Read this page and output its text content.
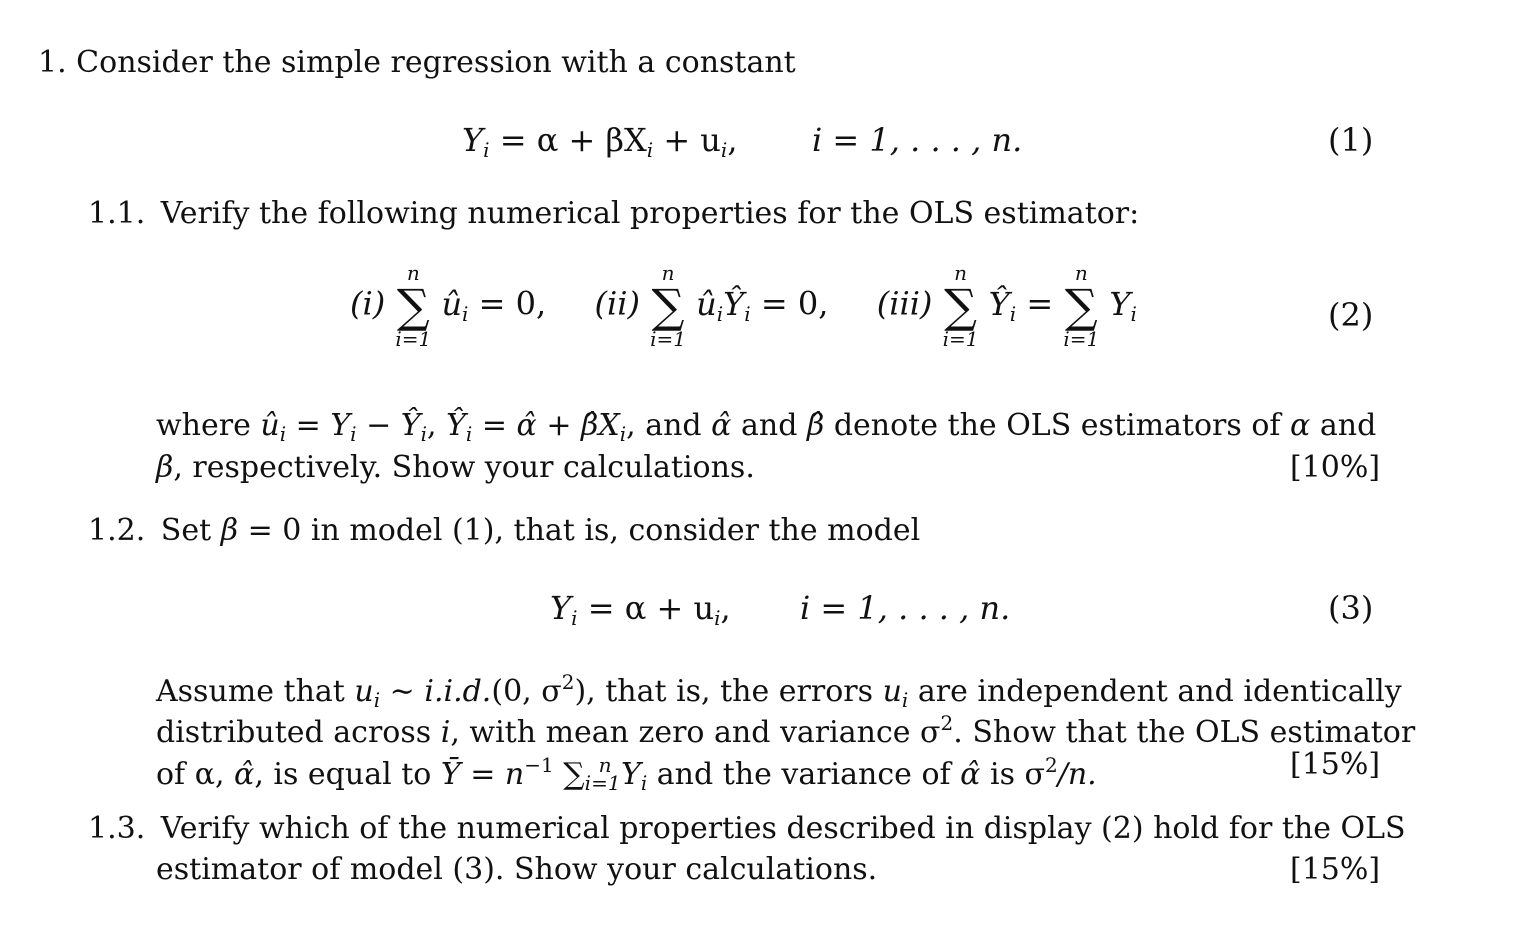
1. Consider the simple regression with a constant
$Y_i = \alpha + \beta X_i + u_i$, i = 1, . . . , n.	(1)
1.1. Verify the following numerical properties for the OLS estimator:
(i)
n
∑
i=1
$û_i = 0$, (ii)
n
∑
i=1
$û_iŶ_i = 0$, (iii)
n
∑
i=1
$Ŷ_i$ =
n
∑
i=1
$Y_i$	(2)
where $û_i = Y_i$ − $Ŷ_i$, $Ŷ_i$ = α̂ + $\betâX_i$, and α̂ and β̂ denote the OLS estimators of α and
β, respectively. Show your calculations.	[10%]
1.2. Set β = 0 in model (1), that is, consider the model
$Y_i = \alpha + u_i$, i = 1, . . . , n.	(3)
Assume that $u_i$ ∼ i.i.d.(0, $\sigma^2$), that is, the errors $u_i$ are independent and identically
distributed across i, with mean zero and variance $\sigma^2$. Show that the OLS estimator
of α, α̂, is equal to Ȳ = $n^{-1}$ $\sum_{i=1}^n$ $Y_i$ and the variance of α̂ is $\sigma^2/n$.	[15%]
1.3. Verify which of the numerical properties described in display (2) hold for the OLS
estimator of model (3). Show your calculations.	[15%]
